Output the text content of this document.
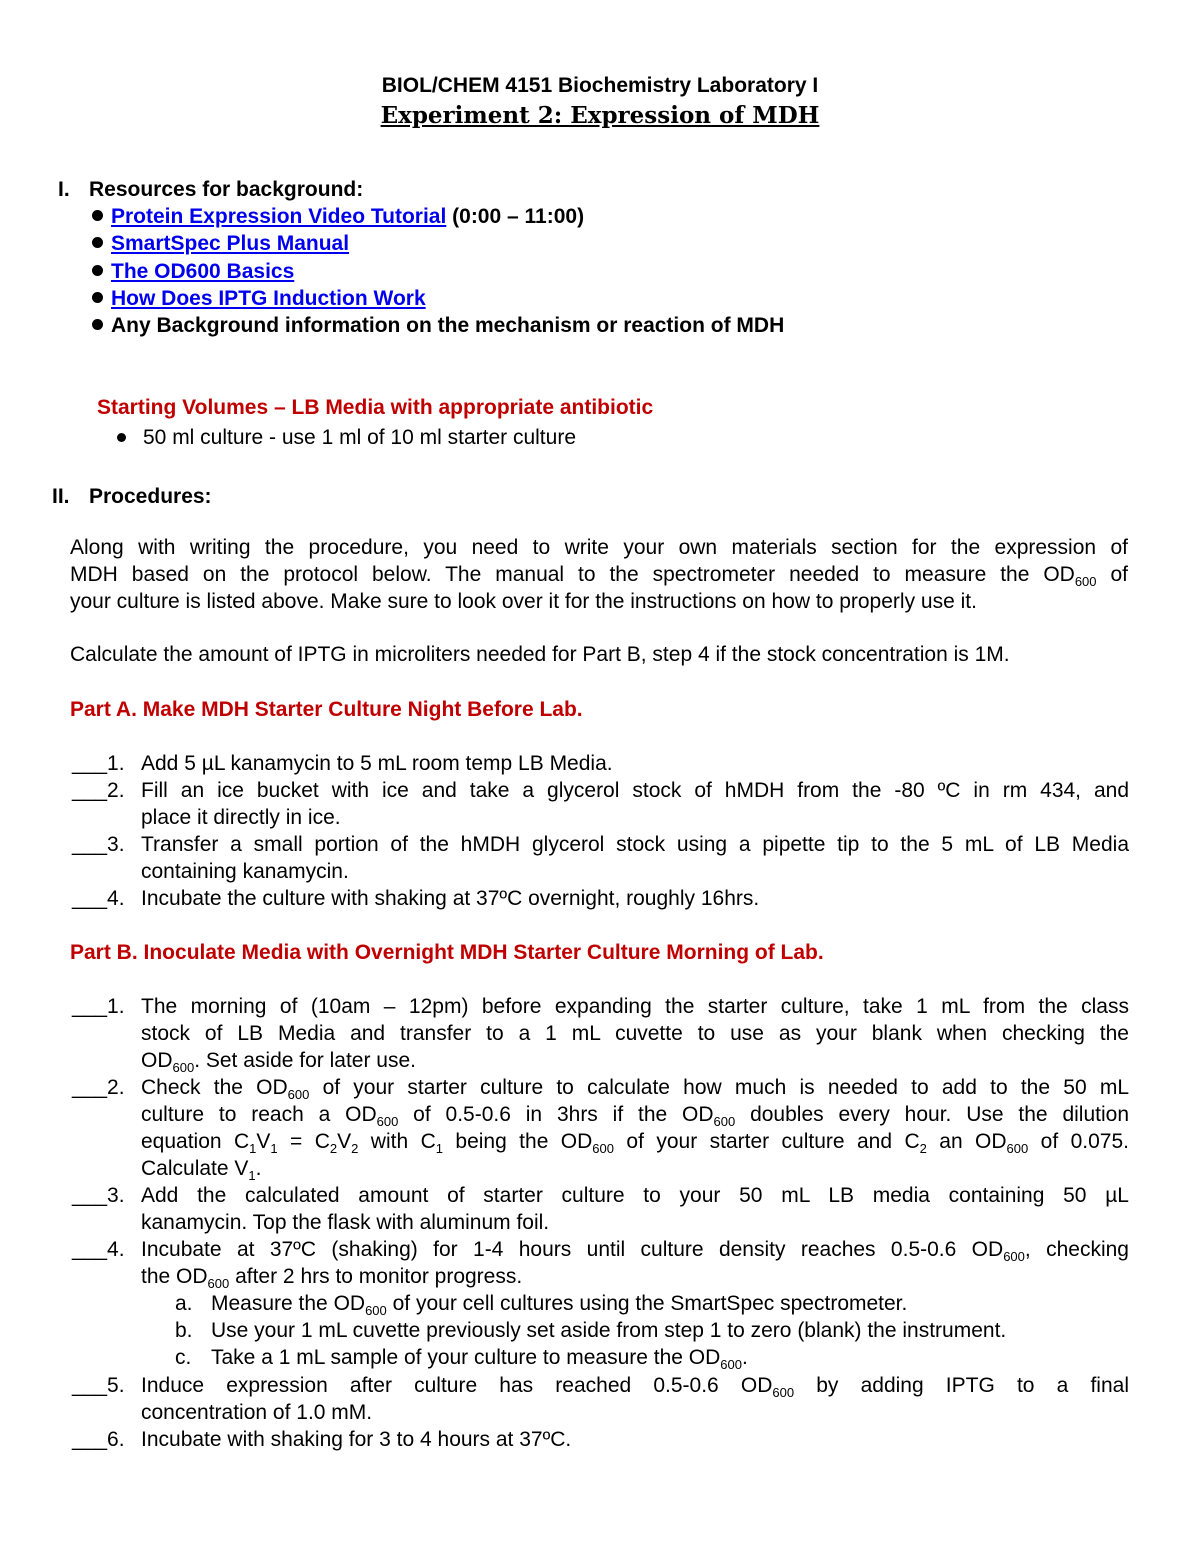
BIOL/CHEM 4151 Biochemistry Laboratory I
Experiment 2: Expression of MDH
I. Resources for background:
Protein Expression Video Tutorial (0:00 – 11:00)
SmartSpec Plus Manual
The OD600 Basics
How Does IPTG Induction Work
Any Background information on the mechanism or reaction of MDH
Starting Volumes – LB Media with appropriate antibiotic
50 ml culture - use 1 ml of 10 ml starter culture
II. Procedures:
Along with writing the procedure, you need to write your own materials section for the expression of
MDH based on the protocol below. The manual to the spectrometer needed to measure the $OD_{600}$ of
your culture is listed above. Make sure to look over it for the instructions on how to properly use it.
Calculate the amount of IPTG in microliters needed for Part B, step 4 if the stock concentration is 1M.
Part A. Make MDH Starter Culture Night Before Lab.
___1. Add 5 µL kanamycin to 5 mL room temp LB Media.
___2. Fill an ice bucket with ice and take a glycerol stock of hMDH from the -80 ºC in rm 434, and
place it directly in ice.
___3. Transfer a small portion of the hMDH glycerol stock using a pipette tip to the 5 mL of LB Media
containing kanamycin.
___4. Incubate the culture with shaking at 37ºC overnight, roughly 16hrs.
Part B. Inoculate Media with Overnight MDH Starter Culture Morning of Lab.
___1. The morning of (10am – 12pm) before expanding the starter culture, take 1 mL from the class
stock of LB Media and transfer to a 1 mL cuvette to use as your blank when checking the
$OD_{600}$. Set aside for later use.
___2. Check the $OD_{600}$ of your starter culture to calculate how much is needed to add to the 50 mL
culture to reach a $OD_{600}$ of 0.5-0.6 in 3hrs if the $OD_{600}$ doubles every hour. Use the dilution
equation $C_1V_1 = C_2V_2$ with $C_1$ being the $OD_{600}$ of your starter culture and $C_2$ an $OD_{600}$ of 0.075.
Calculate $V_1$.
___3. Add the calculated amount of starter culture to your 50 mL LB media containing 50 µL
kanamycin. Top the flask with aluminum foil.
___4. Incubate at 37ºC (shaking) for 1-4 hours until culture density reaches 0.5-0.6 $OD_{600}$, checking
the $OD_{600}$ after 2 hrs to monitor progress.
a. Measure the $OD_{600}$ of your cell cultures using the SmartSpec spectrometer.
b. Use your 1 mL cuvette previously set aside from step 1 to zero (blank) the instrument.
c. Take a 1 mL sample of your culture to measure the $OD_{600}$.
___5. Induce expression after culture has reached 0.5-0.6 $OD_{600}$ by adding IPTG to a final
concentration of 1.0 mM.
___6. Incubate with shaking for 3 to 4 hours at 37ºC.
